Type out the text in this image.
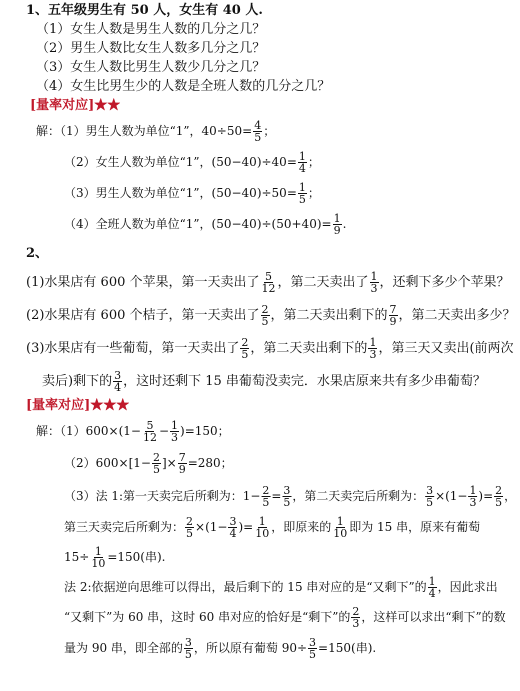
1、五年级男生有 50 人，女生有 40 人.
（1）女生人数是男生人数的几分之几？
（2）男生人数比女生人数多几分之几？
（3）女生人数比男生人数少几分之几？
（4）女生比男生少的人数是全班人数的几分之几？
[量率对应]★★
解：（1）男生人数为单位“1”，$40\div 50= \frac{4}{5}$ ；
（2）女生人数为单位“1”，$(50-40)\div 40= \frac{1}{4}$ ；
（3）男生人数为单位“1”，$(50-40)\div 50= \frac{1}{5}$ ；
（4）全班人数为单位“1”，$(50-40)\div(50+40)= \frac{1}{9}$ .
2、
(1)水果店有 600 个苹果，第一天卖出了 $\frac{5}{12}$ ，第二天卖出了 $\frac{1}{3}$ ，还剩下多少个苹果？
(2)水果店有 600 个桔子，第一天卖出了 $\frac{2}{5}$ ，第二天卖出剩下的 $\frac{7}{9}$ ，第二天卖出多少？
(3)水果店有一些葡萄，第一天卖出了 $\frac{2}{5}$ ，第二天卖出剩下的 $\frac{1}{3}$ ，第三天又卖出(前两次
卖后)剩下的 $\frac{3}{4}$ ，这时还剩下 15 串葡萄没卖完．水果店原来共有多少串葡萄？
[量率对应]★★★
解：$(1)600\times(1- \frac{5}{12} - \frac{1}{3} )=150$；
$(2)600\times[1- \frac{2}{5}$ ]× $\frac{7}{9} =280$；
（3）法 1:第一天卖完后所剩为：$1- \frac{2}{5} = \frac{3}{5}$ ，第二天卖完后所剩为： $\frac{3}{5} \times(1- \frac{1}{3}$ )= $\frac{2}{5}$ ，
第三天卖完后所剩为： $\frac{2}{5} \times(1- \frac{3}{4}$ )= $\frac{1}{10}$ ，即原来的 $\frac{1}{10}$ 即为 15 串，原来有葡萄
$15\div \frac{1}{10} =150$(串).
法 2:依据逆向思维可以得出，最后剩下的 15 串对应的是“又剩下”的 $\frac{1}{4}$ ，因此求出
“又剩下”为 60 串，这时 60 串对应的恰好是“剩下”的 $\frac{2}{3}$ ，这样可以求出“剩下”的数
量为 90 串，即全部的 $\frac{3}{5}$ ，所以原有葡萄 $90\div \frac{3}{5} =150$(串).
